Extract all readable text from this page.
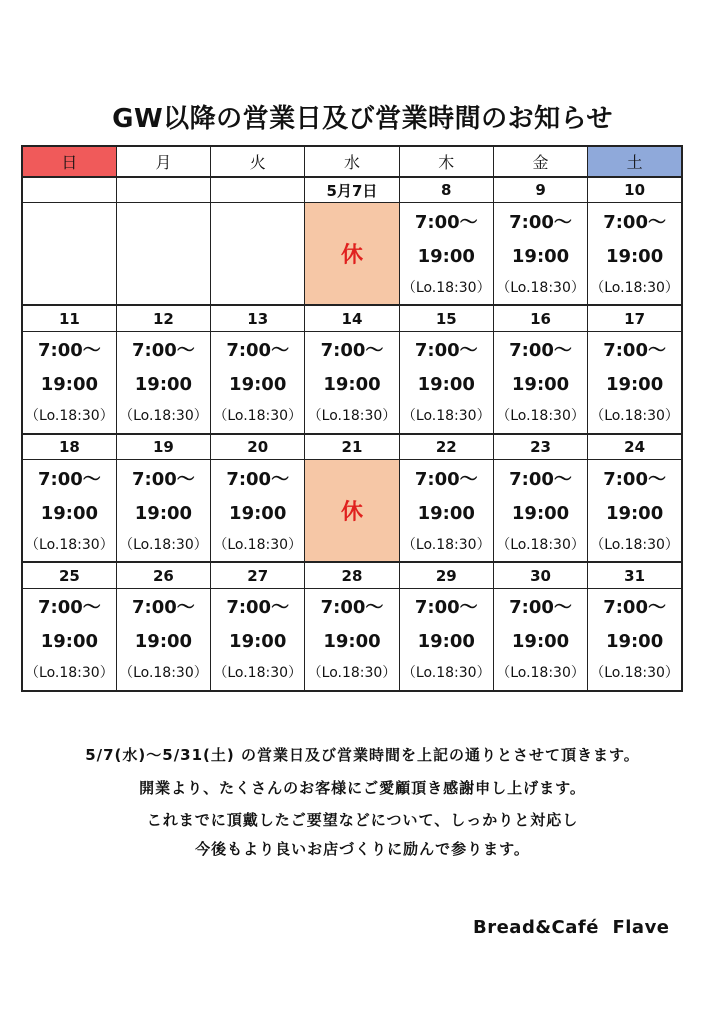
GW以降の営業日及び営業時間のお知らせ
日	月	火	水	木	金	土
			5月7日	8	9	10
			休	7:00～
19:00
（Lo.18:30）	7:00～
19:00
（Lo.18:30）	7:00～
19:00
（Lo.18:30）

11	12	13	14	15	16	17

7:00～
19:00
（Lo.18:30）	7:00～
19:00
（Lo.18:30）	7:00～
19:00
（Lo.18:30）	7:00～
19:00
（Lo.18:30）	7:00～
19:00
（Lo.18:30）	7:00～
19:00
（Lo.18:30）	7:00～
19:00
（Lo.18:30）

18	19	20	21	22	23	24

7:00～
19:00
（Lo.18:30）	7:00～
19:00
（Lo.18:30）	7:00～
19:00
（Lo.18:30）	休	7:00～
19:00
（Lo.18:30）	7:00～
19:00
（Lo.18:30）	7:00～
19:00
（Lo.18:30）

25	26	27	28	29	30	31

7:00～
19:00
（Lo.18:30）	7:00～
19:00
（Lo.18:30）	7:00～
19:00
（Lo.18:30）	7:00～
19:00
（Lo.18:30）	7:00～
19:00
（Lo.18:30）	7:00～
19:00
（Lo.18:30）	7:00～
19:00
（Lo.18:30）
5/7(水)～5/31(土) の営業日及び営業時間を上記の通りとさせて頂きます。
開業より、たくさんのお客様にご愛顧頂き感謝申し上げます。
これまでに頂戴したご要望などについて、しっかりと対応し
今後もより良いお店づくりに励んで参ります。
Bread&Café  Flave
